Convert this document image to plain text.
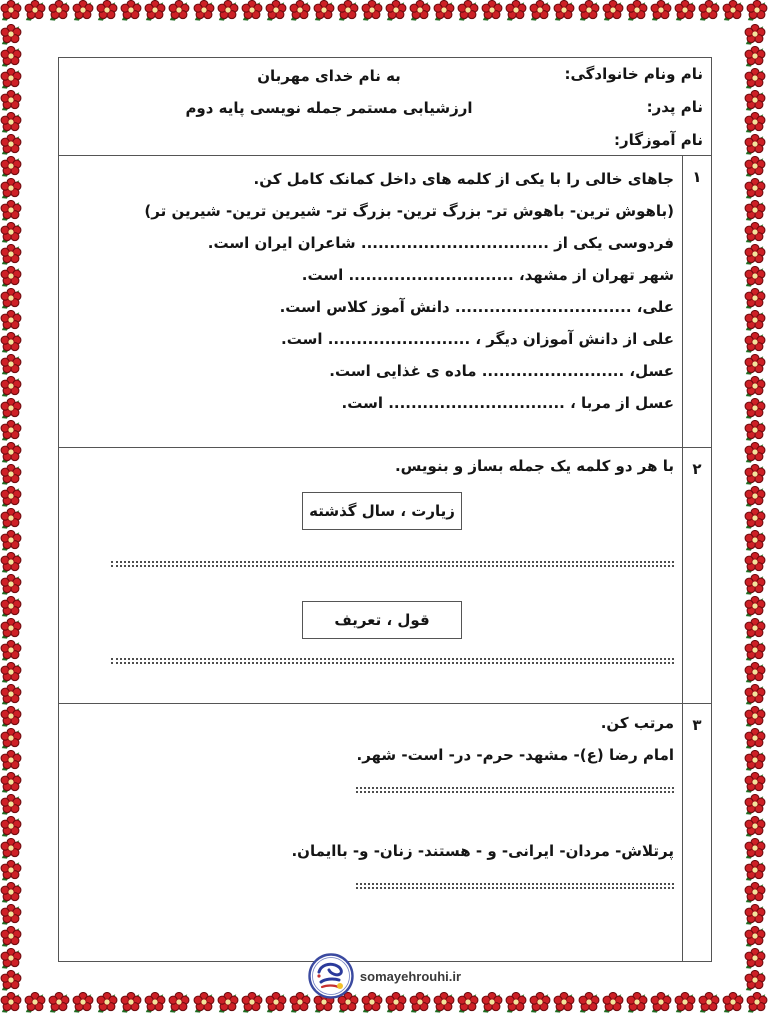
نام ونام خانوادگی:
نام پدر:
نام آموزگار:
به نام خدای مهربان
ارزشیابی مستمر جمله نویسی پایه دوم
۱
۲
۳
جاهای خالی را با یکی از کلمه های داخل کمانک کامل کن.
(باهوش ترین- باهوش تر- بزرگ ترین- بزرگ تر- شیرین ترین- شیرین تر)
فردوسی یکی از ................................. شاعران ایران است.
شهر تهران از مشهد، ............................. است.
علی، ............................... دانش آموز کلاس است.
علی از دانش آموزان دیگر ، ......................... است.
عسل، ......................... ماده ی غذایی است.
عسل از مربا ، ............................... است.
با هر دو کلمه یک جمله بساز و بنویس.
زیارت ، سال گذشته
قول ، تعریف
مرتب کن.
امام رضا (ع)- مشهد- حرم- در- است- شهر.
پرتلاش- مردان- ایرانی- و - هستند- زنان- و- باایمان.
somayehrouhi.ir
